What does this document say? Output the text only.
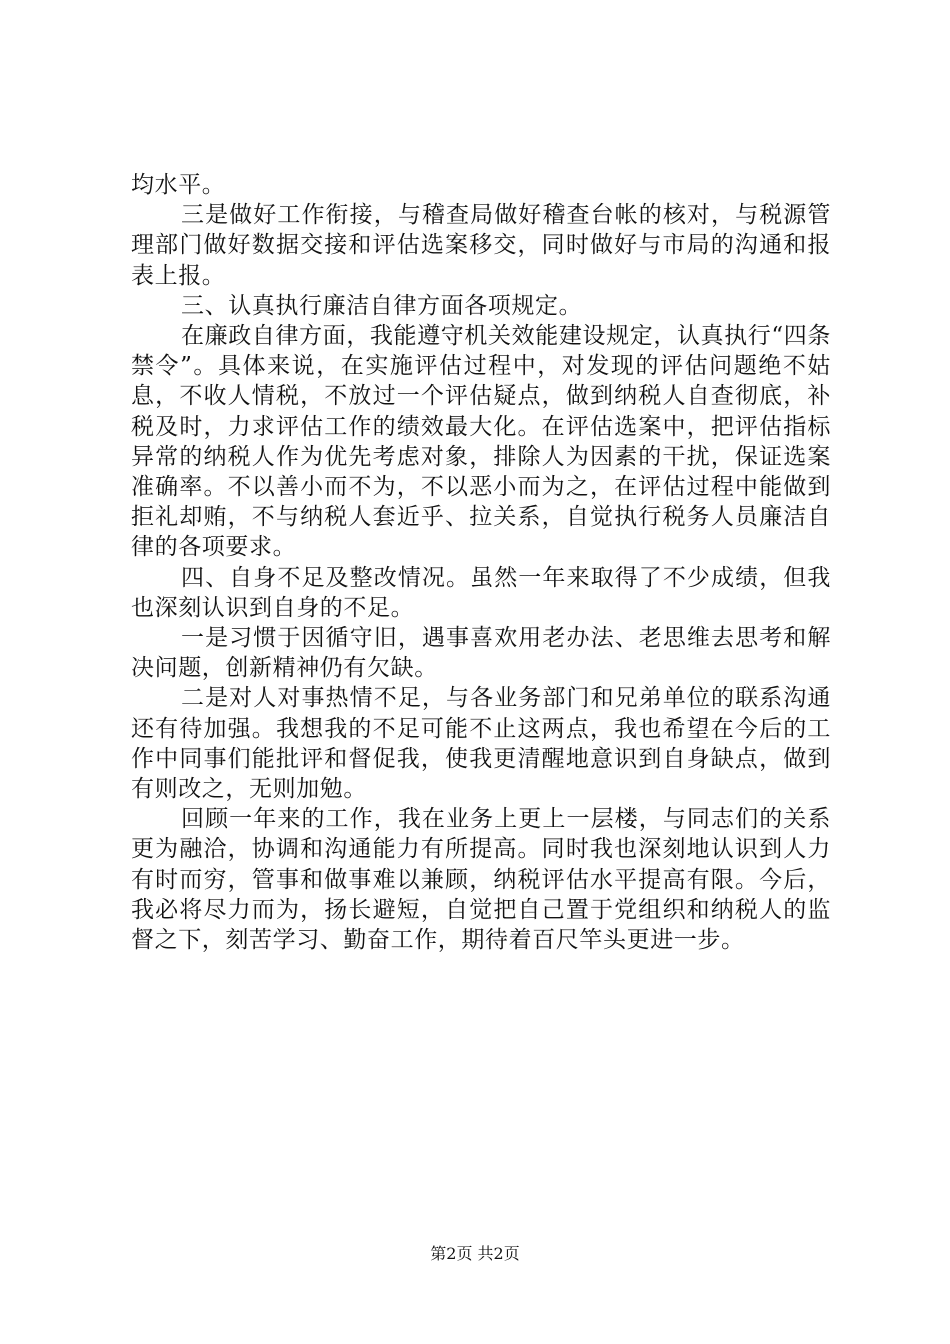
均水平。

三是做好工作衔接，与稽查局做好稽查台帐的核对，与税源管理部门做好数据交接和评估选案移交，同时做好与市局的沟通和报表上报。

三、认真执行廉洁自律方面各项规定。

在廉政自律方面，我能遵守机关效能建设规定，认真执行“四条禁令”。具体来说，在实施评估过程中，对发现的评估问题绝不姑息，不收人情税，不放过一个评估疑点，做到纳税人自查彻底，补税及时，力求评估工作的绩效最大化。在评估选案中，把评估指标异常的纳税人作为优先考虑对象，排除人为因素的干扰，保证选案准确率。不以善小而不为，不以恶小而为之，在评估过程中能做到拒礼却贿，不与纳税人套近乎、拉关系，自觉执行税务人员廉洁自律的各项要求。

四、自身不足及整改情况。虽然一年来取得了不少成绩，但我也深刻认识到自身的不足。

一是习惯于因循守旧，遇事喜欢用老办法、老思维去思考和解决问题，创新精神仍有欠缺。

二是对人对事热情不足，与各业务部门和兄弟单位的联系沟通还有待加强。我想我的不足可能不止这两点，我也希望在今后的工作中同事们能批评和督促我，使我更清醒地意识到自身缺点，做到有则改之，无则加勉。

回顾一年来的工作，我在业务上更上一层楼，与同志们的关系更为融洽，协调和沟通能力有所提高。同时我也深刻地认识到人力有时而穷，管事和做事难以兼顾，纳税评估水平提高有限。今后，我必将尽力而为，扬长避短，自觉把自己置于党组织和纳税人的监督之下，刻苦学习、勤奋工作，期待着百尺竿头更进一步。

第2页 共2页
